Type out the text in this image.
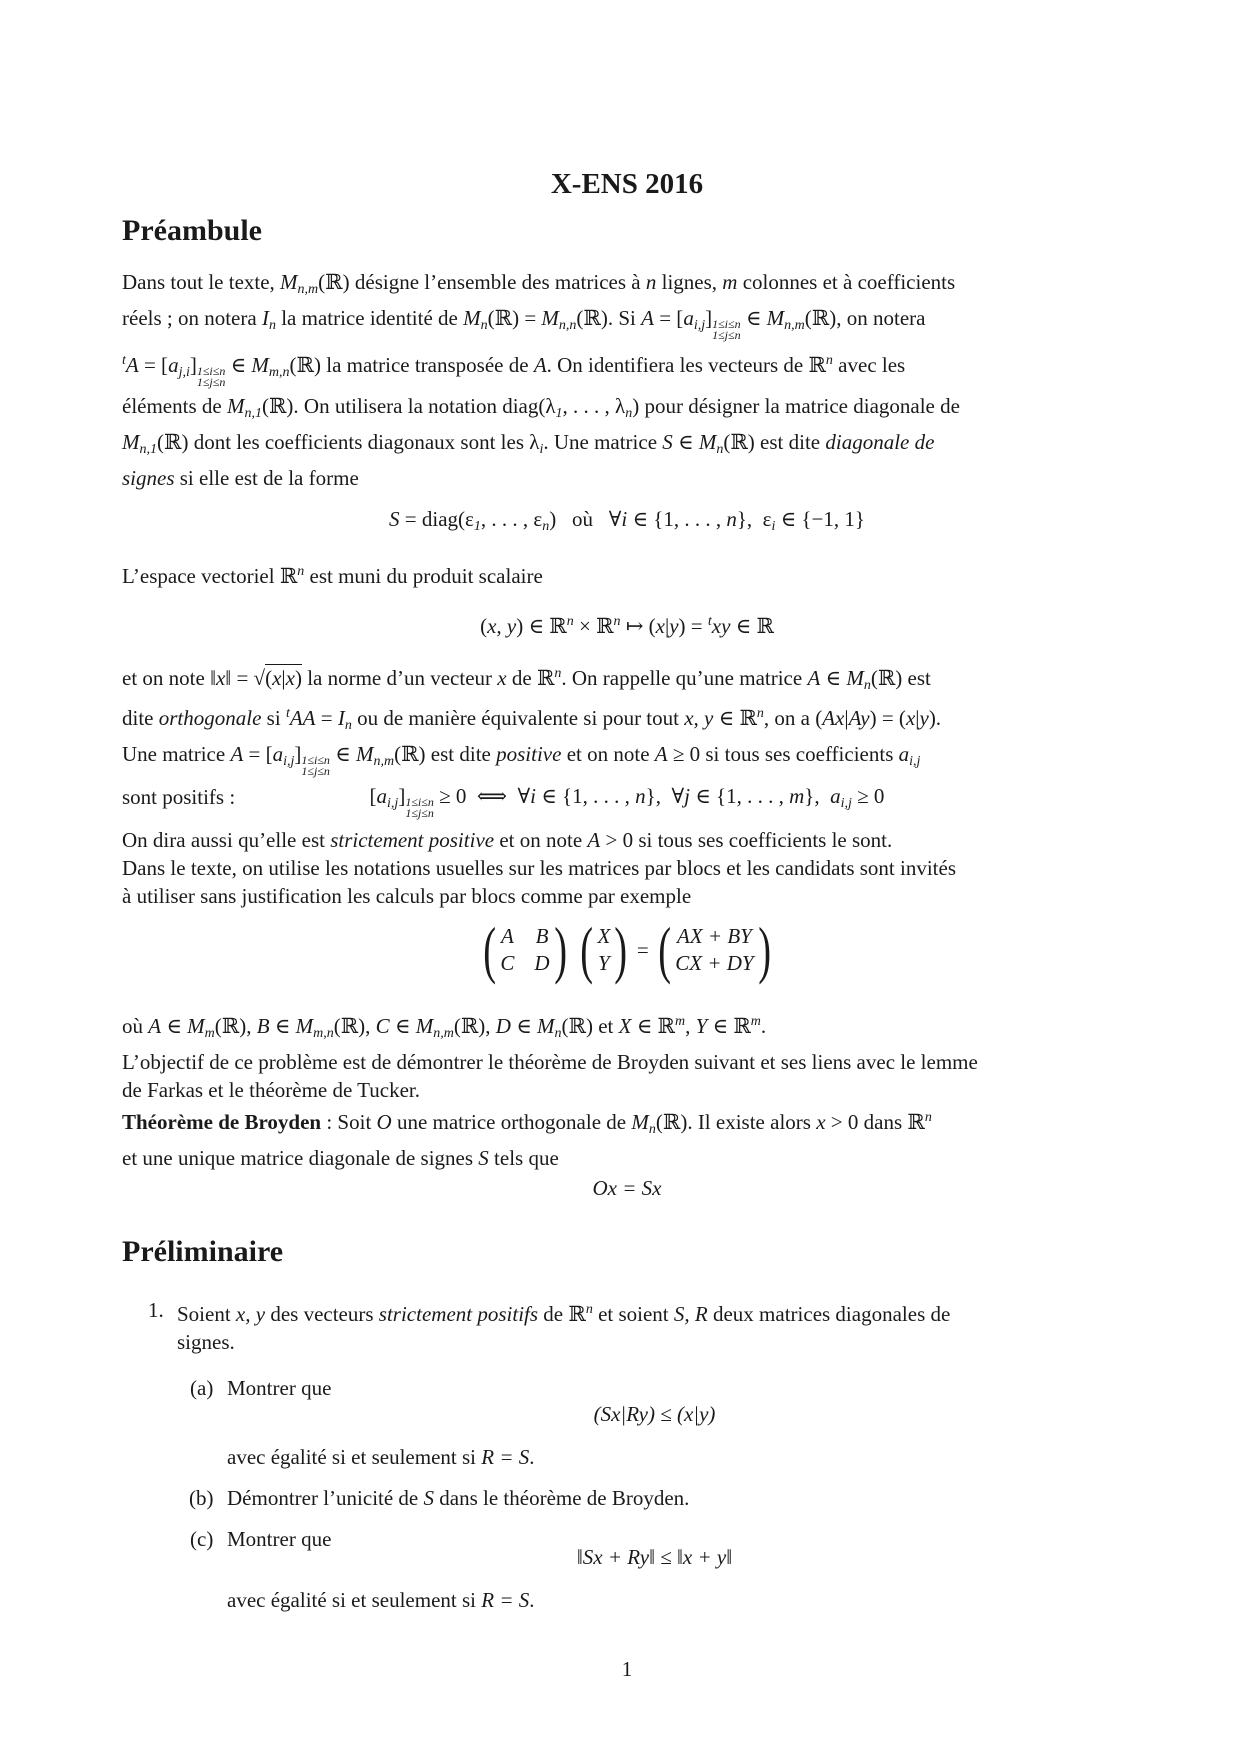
X-ENS 2016
Préambule
Dans tout le texte, $M_{n,m}(ℝ)$ désigne l’ensemble des matrices à n lignes, m colonnes et à coefficients
réels ; on notera $I_n$ la matrice identité de $M_n(ℝ)$ = $M_{n,n}(ℝ)$. Si $A = [a_{i,j}]1\le i\le n$
1≤j≤n ∈ $M_{n,m}(ℝ)$, on notera
$^tA = [a_{j,i}]1\le i\le n$
1≤j≤n ∈ $M_{m,n}(ℝ)$ la matrice transposée de A. On identifiera les vecteurs de ℝ$^n$ avec les
éléments de $M_{n,1}(ℝ)$. On utilisera la notation $diag(\lambda_1$, . . . , $\lambda_n$) pour désigner la matrice diagonale de
$M_{n,1}(ℝ)$ dont les coefficients diagonaux sont les $\lambda_i$. Une matrice S ∈ $M_n(ℝ)$ est dite diagonale de
signes si elle est de la forme
$S = diag(\varepsilon_1$, . . . , $\varepsilon_n$)   où   ∀i ∈ {1, . . . , n},  $\varepsilon_i$ ∈ {−1, 1}
L’espace vectoriel ℝ$^n$ est muni du produit scalaire
(x, y) ∈ ℝ$^n$ × ℝ$^n$ ↦ (x|y) = $^t$xy ∈ ℝ
et on note ‖x‖ = √(x|x) la norme d’un vecteur x de ℝ$^n$. On rappelle qu’une matrice A ∈ $M_n(ℝ)$ est
dite orthogonale si $^tAA = I_n$ ou de manière équivalente si pour tout x, y ∈ ℝ$^n$, on a (Ax|Ay) = (x|y).
Une matrice $A = [a_{i,j}]1\le i\le n$
1≤j≤n ∈ $M_{n,m}(ℝ)$ est dite positive et on note A ≥ 0 si tous ses coefficients $a_{i,j}$
sont positifs :	$[a_{i,j}]1\le i\le n$
1≤j≤n ≥ 0  ⟺  ∀i ∈ {1, . . . , n},  ∀j ∈ {1, . . . , m},  $a_{i,j} \ge 0$
On dira aussi qu’elle est strictement positive et on note A > 0 si tous ses coefficients le sont.
Dans le texte, on utilise les notations usuelles sur les matrices par blocs et les candidats sont invités
à utiliser sans justification les calculs par blocs comme par exemple
( A B
C D )
( X
Y ) = ( AX + BY
CX + DY )
où A ∈ $M_m(ℝ)$, B ∈ $M_{m,n}(ℝ)$, C ∈ $M_{n,m}(ℝ)$, D ∈ $M_n(ℝ)$ et X ∈ ℝ$^m$, Y ∈ ℝ$^m$.
L’objectif de ce problème est de démontrer le théorème de Broyden suivant et ses liens avec le lemme
de Farkas et le théorème de Tucker.
Théorème de Broyden : Soit O une matrice orthogonale de $M_n(ℝ)$. Il existe alors x > 0 dans ℝ$^n$
et une unique matrice diagonale de signes S tels que
Ox = Sx
Préliminaire
1. Soient x, y des vecteurs strictement positifs de ℝ$^n$ et soient S, R deux matrices diagonales de
signes.
(a) Montrer que
(Sx|Ry) ≤ (x|y)
avec égalité si et seulement si R = S.
(b) Démontrer l’unicité de S dans le théorème de Broyden.
(c) Montrer que
‖Sx + Ry‖ ≤ ‖x + y‖
avec égalité si et seulement si R = S.
1
